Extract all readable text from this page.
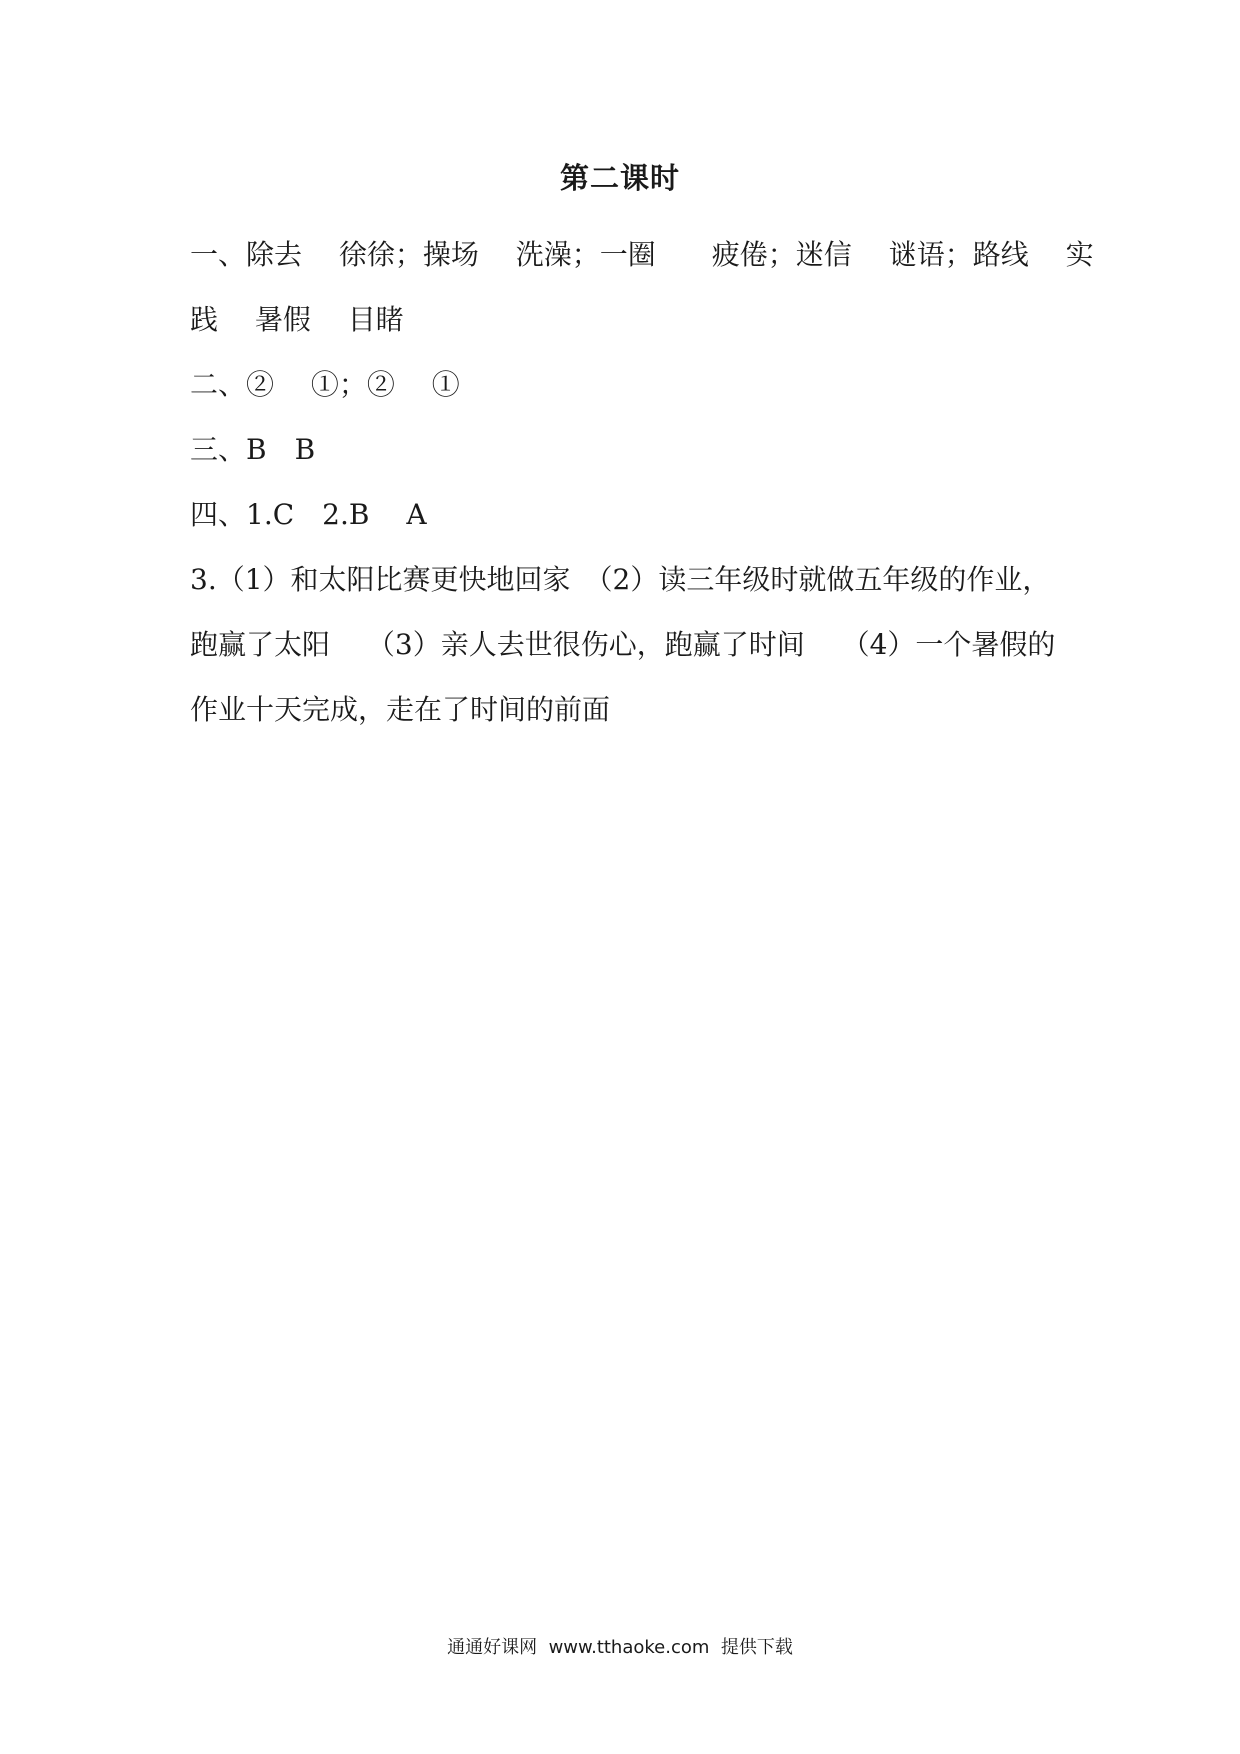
第二课时
一、除去　 徐徐；操场　 洗澡；一圈　　疲倦；迷信　 谜语；路线　 实
践　 暑假　 目睹
二、②　 ①；②　 ①
三、B　B
四、1.C　2.B　 A
3.（1）和太阳比赛更快地回家　（2）读三年级时就做五年级的作业，
跑赢了太阳　 （3）亲人去世很伤心，跑赢了时间　 （4）一个暑假的
作业十天完成，走在了时间的前面
通通好课网  www.tthaoke.com  提供下载
